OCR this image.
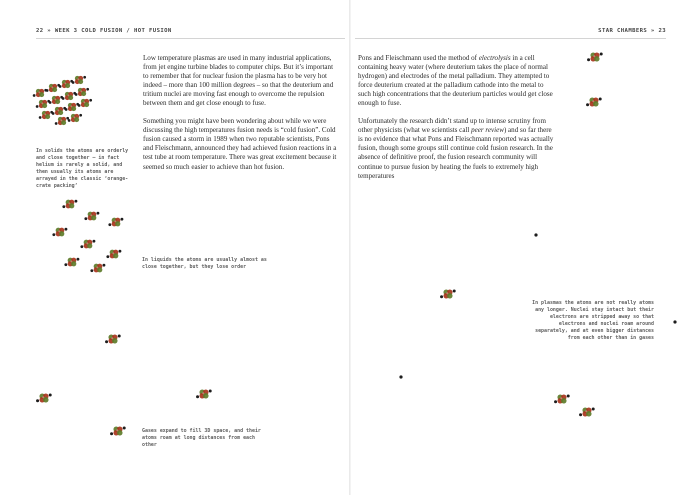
22 » WEEK 3 COLD FUSION / HOT FUSION

Low temperature plasmas are used in many industrial applications, from jet engine turbine blades to computer chips. But it’s important to remember that for nuclear fusion the plasma has to be very hot indeed – more than 100 million degrees – so that the deuterium and tritium nuclei are moving fast enough to overcome the repulsion between them and get close enough to fuse.

Something you might have been wondering about while we were discussing the high temperatures fusion needs is “cold fusion”. Cold fusion caused a storm in 1989 when two reputable scientists, Pons and Fleischmann, announced they had achieved fusion reactions in a test tube at room temperature. There was great excitement because it seemed so much easier to achieve than hot fusion.

In solids the atoms are orderly and close together – in fact helium is rarely a solid, and then usually its atoms are arrayed in the classic ‘orange-crate packing’
In liquids the atoms are usually almost as close together, but they lose order
Gases expand to fill 3D space, and their atoms roam at long distances from each other
STAR CHAMBERS » 23

Pons and Fleischmann used the method of electrolysis in a cell containing heavy water (where deuterium takes the place of normal hydrogen) and electrodes of the metal palladium. They attempted to force deuterium created at the palladium cathode into the metal to such high concentrations that the deuterium particles would get close enough to fuse.

Unfortunately the research didn’t stand up to intense scrutiny from other physicists (what we scientists call peer review) and so far there is no evidence that what Pons and Fleischmann reported was actually fusion, though some groups still continue cold fusion research. In the absence of definitive proof, the fusion research community will continue to pursue fusion by heating the fuels to extremely high temperatures

In plasmas the atoms are not really atoms any longer. Nuclei stay intact but their electrons are stripped away so that electrons and nuclei roam around separately, and at even bigger distances from each other than in gases
